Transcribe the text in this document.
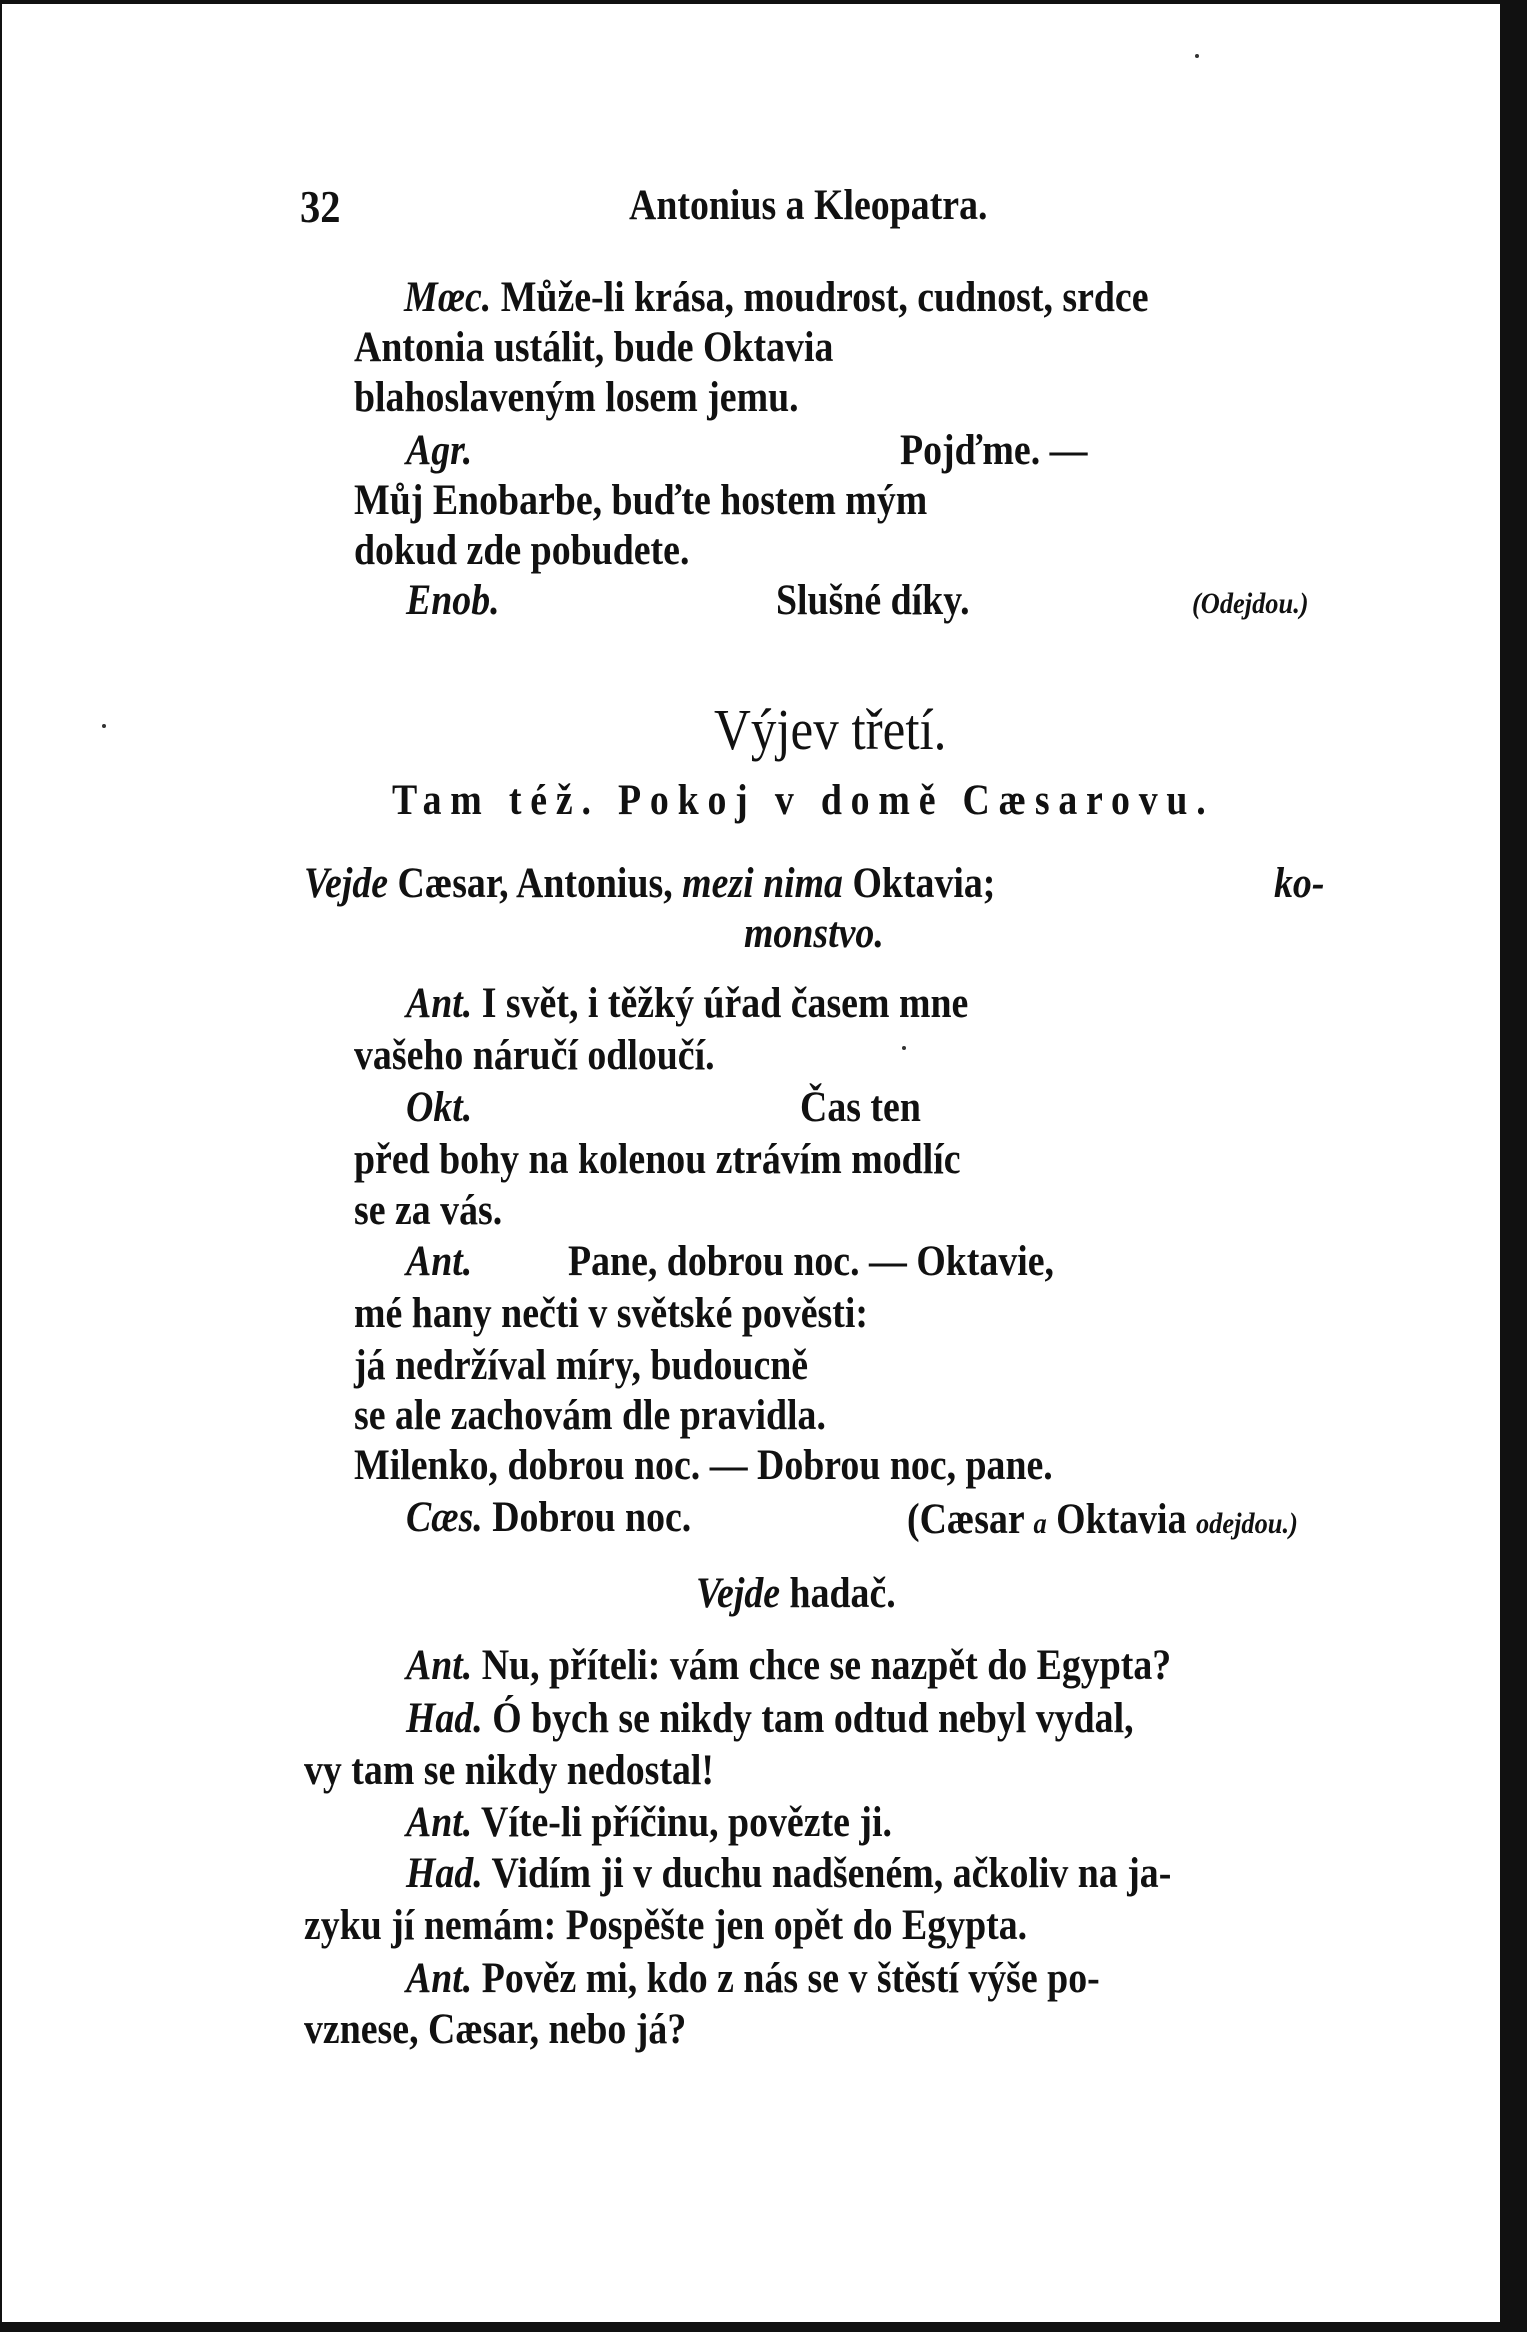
32	Antonius a Kleopatra.
Mœc. Může-li krása, moudrost, cudnost, srdce
Antonia ustálit, bude Oktavia
blahoslaveným losem jemu.
Agr.	Pojďme. —
Můj Enobarbe, buďte hostem mým
dokud zde pobudete.
Enob.	Slušné díky.	(Odejdou.)
Výjev třetí.
Tam též. Pokoj v domě Cæsarovu.
Vejde Cæsar, Antonius, mezi nima Oktavia;	ko-
monstvo.
Ant. I svět, i těžký úřad časem mne
vašeho náručí odloučí.
Okt.	Čas ten
před bohy na kolenou ztrávím modlíc
se za vás.
Ant. Pane, dobrou noc. — Oktavie,
mé hany nečti v světské pověsti:
já nedržíval míry, budoucně
se ale zachovám dle pravidla.
Milenko, dobrou noc. — Dobrou noc, pane.
Cæs. Dobrou noc.	(Cæsar a Oktavia odejdou.)
Vejde hadač.
Ant. Nu, příteli: vám chce se nazpět do Egypta?
Had. Ó bych se nikdy tam odtud nebyl vydal,
vy tam se nikdy nedostal!
Ant. Víte-li příčinu, povězte ji.
Had. Vidím ji v duchu nadšeném, ačkoliv na ja-
zyku jí nemám: Pospěšte jen opět do Egypta.
Ant. Pověz mi, kdo z nás se v štěstí výše po-
vznese, Cæsar, nebo já?
